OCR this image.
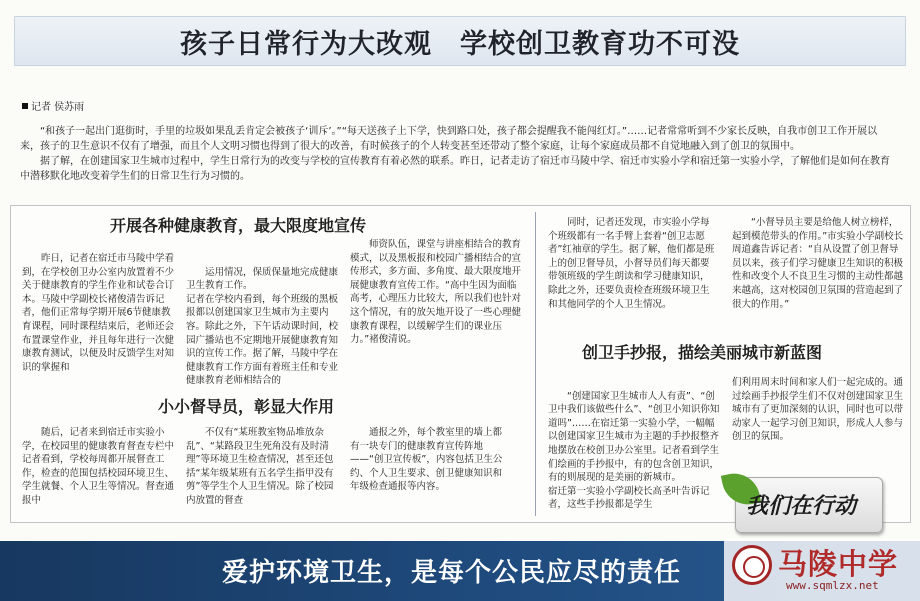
孩子日常行为大改观　学校创卫教育功不可没
记者 侯苏雨

“和孩子一起出门逛街时，手里的垃圾如果乱丢肯定会被孩子‘训斥’。”“每天送孩子上下学，快到路口处，孩子都会提醒我不能闯红灯。”……记者常常听到不少家长反映，自我市创卫工作开展以来，孩子的卫生意识不仅有了增强，而且个人文明习惯也得到了很大的改善，有时候孩子的个人转变甚至还带动了整个家庭，让每个家庭成员都不自觉地融入到了创卫的氛围中。

据了解，在创建国家卫生城市过程中，学生日常行为的改变与学校的宣传教育有着必然的联系。昨日，记者走访了宿迁市马陵中学、宿迁市实验小学和宿迁第一实验小学，了解他们是如何在教育中潜移默化地改变着学生们的日常卫生行为习惯的。

开展各种健康教育，最大限度地宣传

昨日，记者在宿迁市马陵中学看到，在学校创卫办公室内放置着不少关于健康教育的学生作业和试卷合订本。马陵中学副校长褚俊清告诉记者，他们正常每学期开展6节健康教育课程，同时课程结束后，老师还会布置课堂作业，并且每年进行一次健康教育测试，以便及时反馈学生对知识的掌握和

运用情况，保质保量地完成健康卫生教育工作。
记者在学校内看到，每个班级的黑板报都以创建国家卫生城市为主要内容。除此之外，下午话动课时间，校园广播站也不定期地开展健康教育知识的宣传工作。据了解，马陵中学在健康教育工作方面有着班主任和专业健康教育老师相结合的

师资队伍，课堂与讲座相结合的教育模式，以及黑板报和校园广播相结合的宣传形式，多方面、多角度、最大限度地开展健康教育宣传工作。“高中生因为面临高考，心理压力比较大，所以我们也针对这个情况，有的放矢地开设了一些心理健康教育课程，以缓解学生们的课业压力。”褚俊清说。

小小督导员，彰显大作用

随后，记者来到宿迁市实验小学，在校园里的健康教育督查专栏中记者看到，学校每周都开展督查工作，检查的范围包括校园环境卫生、学生就餐、个人卫生等情况。督查通报中

不仅有“某班教室物品堆放杂乱”、“某路段卫生死角没有及时清理”等环境卫生检查情况，甚至还包括“某年级某班有五名学生指甲没有剪”等学生个人卫生情况。除了校园内放置的督查

通报之外，每个教室里的墙上都有一块专门的健康教育宣传阵地——“创卫宣传板”，内容包括卫生公约、个人卫生要求、创卫健康知识和年级检查通报等内容。

同时，记者还发现，市实验小学每个班级都有一名手臂上套着“创卫志愿者”红袖章的学生。据了解，他们都是班上的创卫督导员，小督导员们每天都要带领班级的学生朗读和学习健康知识，除此之外，还要负责检查班级环境卫生和其他同学的个人卫生情况。

“小督导员主要是给他人树立榜样，起到模范带头的作用。”市实验小学副校长周道鑫告诉记者：“自从设置了创卫督导员以来，孩子们学习健康卫生知识的积极性和改变个人不良卫生习惯的主动性都越来越高，这对校园创卫氛围的营造起到了很大的作用。”

创卫手抄报，描绘美丽城市新蓝图

“创建国家卫生城市人人有责”、“创卫中我们该做些什么”、“创卫小知识你知道吗”……在宿迁第一实验小学，一幅幅以创建国家卫生城市为主题的手抄报整齐地摆放在校创卫办公室里。记者看到学生们绘画的手抄报中，有的包含创卫知识，有的则展现的是美丽的新城市。
宿迁第一实验小学副校长高圣叶告诉记者，这些手抄报都是学生

们利用周末时间和家人们一起完成的。通过绘画手抄报学生们不仅对创建国家卫生城市有了更加深刻的认识，同时也可以带动家人一起学习创卫知识，形成人人参与创卫的氛围。

我们在行动
爱护环境卫生，是每个公民应尽的责任	马陵中学
www.sqmlzx.net
